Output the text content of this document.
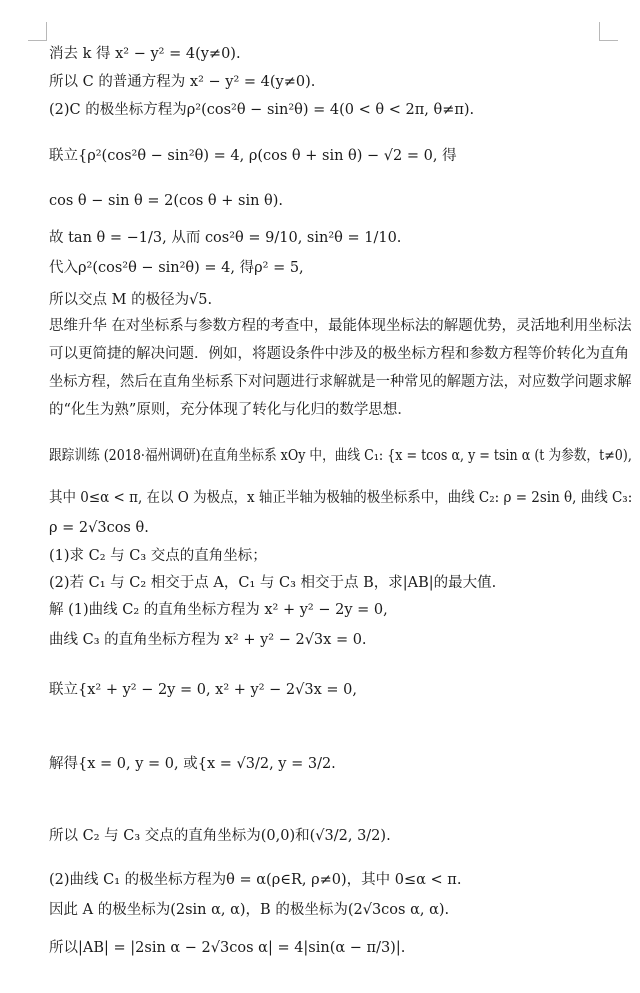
消去 k 得 x² − y² = 4(y≠0).
所以 C 的普通方程为 x² − y² = 4(y≠0).
(2)C 的极坐标方程为ρ²(cos²θ − sin²θ) = 4(0 < θ < 2π, θ≠π).
联立{ρ²(cos²θ − sin²θ) = 4, ρ(cos θ + sin θ) − √2 = 0, 得
cos θ − sin θ = 2(cos θ + sin θ).
故 tan θ = −1/3, 从而 cos²θ = 9/10, sin²θ = 1/10.
代入ρ²(cos²θ − sin²θ) = 4, 得ρ² = 5,
所以交点 M 的极径为√5.
思维升华 在对坐标系与参数方程的考查中，最能体现坐标法的解题优势，灵活地利用坐标法
可以更简捷的解决问题．例如，将题设条件中涉及的极坐标方程和参数方程等价转化为直角
坐标方程，然后在直角坐标系下对问题进行求解就是一种常见的解题方法，对应数学问题求解
的“化生为熟”原则，充分体现了转化与化归的数学思想．
跟踪训练 (2018·福州调研)在直角坐标系 xOy 中，曲线 C₁: {x = tcos α, y = tsin α (t 为参数，t≠0),
其中 0≤α < π, 在以 O 为极点，x 轴正半轴为极轴的极坐标系中，曲线 C₂: ρ = 2sin θ, 曲线 C₃:
ρ = 2√3cos θ.
(1)求 C₂ 与 C₃ 交点的直角坐标；
(2)若 C₁ 与 C₂ 相交于点 A，C₁ 与 C₃ 相交于点 B，求|AB|的最大值.
解 (1)曲线 C₂ 的直角坐标方程为 x² + y² − 2y = 0,
曲线 C₃ 的直角坐标方程为 x² + y² − 2√3x = 0.
联立{x² + y² − 2y = 0, x² + y² − 2√3x = 0,
解得{x = 0, y = 0, 或{x = √3/2, y = 3/2.
所以 C₂ 与 C₃ 交点的直角坐标为(0,0)和(√3/2, 3/2).
(2)曲线 C₁ 的极坐标方程为θ = α(ρ∈R, ρ≠0)，其中 0≤α < π.
因此 A 的极坐标为(2sin α, α)，B 的极坐标为(2√3cos α, α).
所以|AB| = |2sin α − 2√3cos α| = 4|sin(α − π/3)|.
